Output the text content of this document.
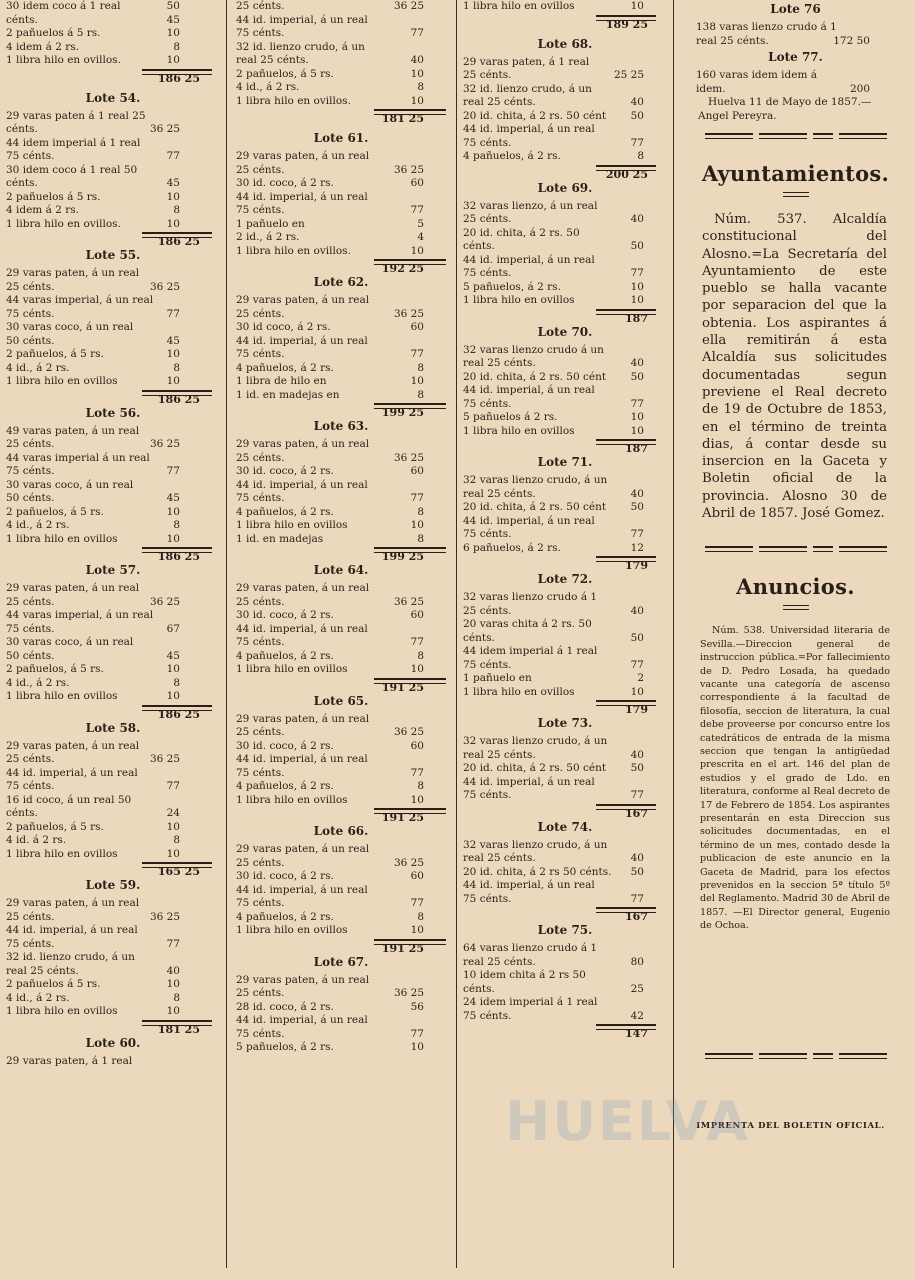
30 idem coco á 1 real	50
cénts.	45
2 pañuelos á 5 rs.	10
4 idem á 2 rs.	8
1 libra hilo en ovillos.	10
186 25
Lote 54.
29 varas paten á 1 real 25
cénts.	36 25
44 idem imperial á 1 real
75 cénts.	77
30 idem coco á 1 real 50
cénts.	45
2 pañuelos á 5 rs.	10
4 idem á 2 rs.	8
1 libra hilo en ovillos.	10
186 25
Lote 55.
29 varas paten, á un real
25 cénts.	36 25
44 varas imperial, á un real
75 cénts.	77
30 varas coco, á un real
50 cénts.	45
2 pañuelos, á 5 rs.	10
4 id., á 2 rs.	8
1 libra hilo en ovillos	10
186 25
Lote 56.
49 varas paten, á un real
25 cénts.	36 25
44 varas imperial á un real
75 cénts.	77
30 varas coco, á un real
50 cénts.	45
2 pañuelos, á 5 rs.	10
4 id., á 2 rs.	8
1 libra hilo en ovillos	10
186 25
Lote 57.
29 varas paten, á un real
25 cénts.	36 25
44 varas imperial, á un real
75 cénts.	67
30 varas coco, á un real
50 cénts.	45
2 pañuelos, á 5 rs.	10
4 id., á 2 rs.	8
1 libra hilo en ovillos	10
186 25
Lote 58.
29 varas paten, á un real
25 cénts.	36 25
44 id. imperial, á un real
75 cénts.	77
16 id coco, á un real 50
cénts.	24
2 pañuelos, á 5 rs.	10
4 id. á 2 rs.	8
1 libra hilo en ovillos	10
165 25
Lote 59.
29 varas paten, á un real
25 cénts.	36 25
44 id. imperial, á un real
75 cénts.	77
32 id. lienzo crudo, á un
real 25 cénts.	40
2 pañuelos á 5 rs.	10
4 id., á 2 rs.	8
1 libra hilo en ovillos	10
181 25
Lote 60.
29 varas paten, á 1 real
25 cénts.	36 25
44 id. imperial, á un real
75 cénts.	77
32 id. lienzo crudo, á un
real 25 cénts.	40
2 pañuelos, á 5 rs.	10
4 id., á 2 rs.	8
1 libra hilo en ovillos.	10
181 25
Lote 61.
29 varas paten, á un real
25 cénts.	36 25
30 id. coco, á 2 rs.	60
44 id. imperial, á un real
75 cénts.	77
1 pañuelo en	5
2 id., á 2 rs.	4
1 libra hilo en ovillos.	10
192 25
Lote 62.
29 varas paten, á un real
25 cénts.	36 25
30 id coco, á 2 rs.	60
44 id. imperial, á un real
75 cénts.	77
4 pañuelos, á 2 rs.	8
1 libra de hilo en	10
1 id. en madejas en	8
199 25
Lote 63.
29 varas paten, á un real
25 cénts.	36 25
30 id. coco, á 2 rs.	60
44 id. imperial, á un real
75 cénts.	77
4 pañuelos, á 2 rs.	8
1 libra hilo en ovillos	10
1 id. en madejas	8
199 25
Lote 64.
29 varas paten, á un real
25 cénts.	36 25
30 id. coco, á 2 rs.	60
44 id. imperial, á un real
75 cénts.	77
4 pañuelos, á 2 rs.	8
1 libra hilo en ovillos	10
191 25
Lote 65.
29 varas paten, á un real
25 cénts.	36 25
30 id. coco, á 2 rs.	60
44 id. imperial, á un real
75 cénts.	77
4 pañuelos, á 2 rs.	8
1 libra hilo en ovillos	10
191 25
Lote 66.
29 varas paten, á un real
25 cénts.	36 25
30 id. coco, á 2 rs.	60
44 id. imperial, á un real
75 cénts.	77
4 pañuelos, á 2 rs.	8
1 libra hilo en ovillos	10
191 25
Lote 67.
29 varas paten, á un real
25 cénts.	36 25
28 id. coco, á 2 rs.	56
44 id. imperial, á un real
75 cénts.	77
5 pañuelos, á 2 rs.	10
1 libra hilo en ovillos	10
189 25
Lote 68.
29 varas paten, á 1 real
25 cénts.	25 25
32 id. lienzo crudo, á un
real 25 cénts.	40
20 id. chita, á 2 rs. 50 cént 50
44 id. imperial, á un real
75 cénts.	77
4 pañuelos, á 2 rs.	8
200 25
Lote 69.
32 varas lienzo, á un real
25 cénts.	40
20 id. chita, á 2 rs. 50
cénts.	50
44 id. imperial, á un real
75 cénts.	77
5 pañuelos, á 2 rs.	10
1 libra hilo en ovillos	10
187
Lote 70.
32 varas lienzo crudo á un
real 25 cénts.	40
20 id. chita, á 2 rs. 50 cént 50
44 id. imperial, á un real
75 cénts.	77
5 pañuelos á 2 rs.	10
1 libra hilo en ovillos	10
187
Lote 71.
32 varas lienzo crudo, á un
real 25 cénts.	40
20 id. chita, á 2 rs. 50 cént 50
44 id. imperial, á un real
75 cénts.	77
6 pañuelos, á 2 rs.	12
179
Lote 72.
32 varas lienzo crudo á 1
25 cénts.	40
20 varas chita á 2 rs. 50
cénts.	50
44 idem imperial á 1 real
75 cénts.	77
1 pañuelo en	2
1 libra hilo en ovillos	10
179
Lote 73.
32 varas lienzo crudo, á un
real 25 cénts.	40
20 id. chita, á 2 rs. 50 cént 50
44 id. imperial, á un real
75 cénts.	77
167
Lote 74.
32 varas lienzo crudo, á un
real 25 cénts.	40
20 id. chita, á 2 rs 50 cénts. 50
44 id. imperial, á un real
75 cénts.	77
167
Lote 75.
64 varas lienzo crudo á 1
real 25 cénts.	80
10 idem chita á 2 rs 50
cénts.	25
24 idem imperial á 1 real
75 cénts.	42
147
Lote 76
138 varas lienzo crudo á 1
real 25 cénts.	172 50
Lote 77.
160 varas idem idem á
idem.	200
Huelva 11 de Mayo de 1857.— Angel Pereyra.
Ayuntamientos.
Núm. 537. Alcaldía constitucional del Alosno.=La Secretaría del Ayuntamiento de este pueblo se halla vacante por separacion del que la obtenia. Los aspirantes á ella remitirán á esta Alcaldía sus solicitudes documentadas segun previene el Real decreto de 19 de Octubre de 1853, en el término de treinta dias, á contar desde su insercion en la Gaceta y Boletin oficial de la provincia. Alosno 30 de Abril de 1857. José Gomez.
Anuncios.
Núm. 538. Universidad literaria de Sevilla.—Direccion general de instruccion pública.=Por fallecimiento de D. Pedro Losada, ha quedado vacante una categoría de ascenso correspondiente á la facultad de filosofía, seccion de literatura, la cual debe proveerse por concurso entre los catedráticos de entrada de la misma seccion que tengan la antigüedad prescrita en el art. 146 del plan de estudios y el grado de Ldo. en literatura, conforme al Real decreto de 17 de Febrero de 1854. Los aspirantes presentarán en esta Direccion sus solicitudes documentadas, en el término de un mes, contado desde la publicacion de este anuncio en la Gaceta de Madrid, para los efectos prevenidos en la seccion 5ª título 5º del Reglamento. Madrid 30 de Abril de 1857. —El Director general, Eugenio de Ochoa.
IMPRENTA DEL BOLETIN OFICIAL.
HUELVA
